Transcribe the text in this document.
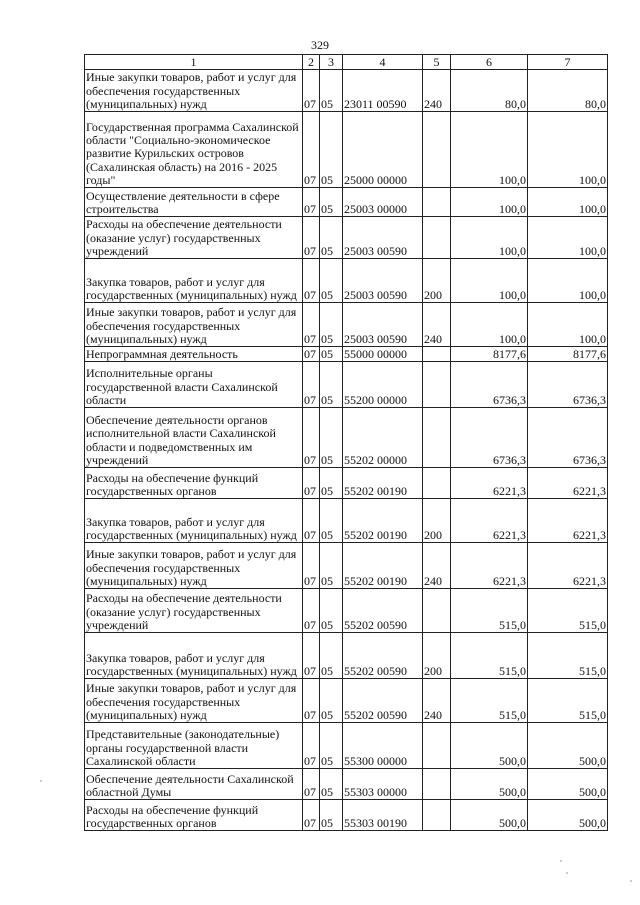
329
1	2	3	4	5	6	7
Иные закупки товаров, работ и услуг для обеспечения государственных (муниципальных) нужд	07	05	23011 00590	240	80,0	80,0
Государственная программа Сахалинской области "Социально-экономическое развитие Курильских островов (Сахалинская область) на 2016 - 2025 годы"	07	05	25000 00000		100,0	100,0
Осуществление деятельности в сфере строительства	07	05	25003 00000		100,0	100,0
Расходы на обеспечение деятельности (оказание услуг) государственных учреждений	07	05	25003 00590		100,0	100,0
Закупка товаров, работ и услуг для государственных (муниципальных) нужд	07	05	25003 00590	200	100,0	100,0
Иные закупки товаров, работ и услуг для обеспечения государственных (муниципальных) нужд	07	05	25003 00590	240	100,0	100,0
Непрограммная деятельность	07	05	55000 00000		8177,6	8177,6
Исполнительные органы государственной власти Сахалинской области	07	05	55200 00000		6736,3	6736,3
Обеспечение деятельности органов исполнительной власти Сахалинской области и подведомственных им учреждений	07	05	55202 00000		6736,3	6736,3
Расходы на обеспечение функций государственных органов	07	05	55202 00190		6221,3	6221,3
Закупка товаров, работ и услуг для государственных (муниципальных) нужд	07	05	55202 00190	200	6221,3	6221,3
Иные закупки товаров, работ и услуг для обеспечения государственных (муниципальных) нужд	07	05	55202 00190	240	6221,3	6221,3
Расходы на обеспечение деятельности (оказание услуг) государственных учреждений	07	05	55202 00590		515,0	515,0
Закупка товаров, работ и услуг для государственных (муниципальных) нужд	07	05	55202 00590	200	515,0	515,0
Иные закупки товаров, работ и услуг для обеспечения государственных (муниципальных) нужд	07	05	55202 00590	240	515,0	515,0
Представительные (законодательные) органы государственной власти Сахалинской области	07	05	55300 00000		500,0	500,0
Обеспечение деятельности Сахалинской областной Думы	07	05	55303 00000		500,0	500,0
Расходы на обеспечение функций государственных органов	07	05	55303 00190		500,0	500,0
